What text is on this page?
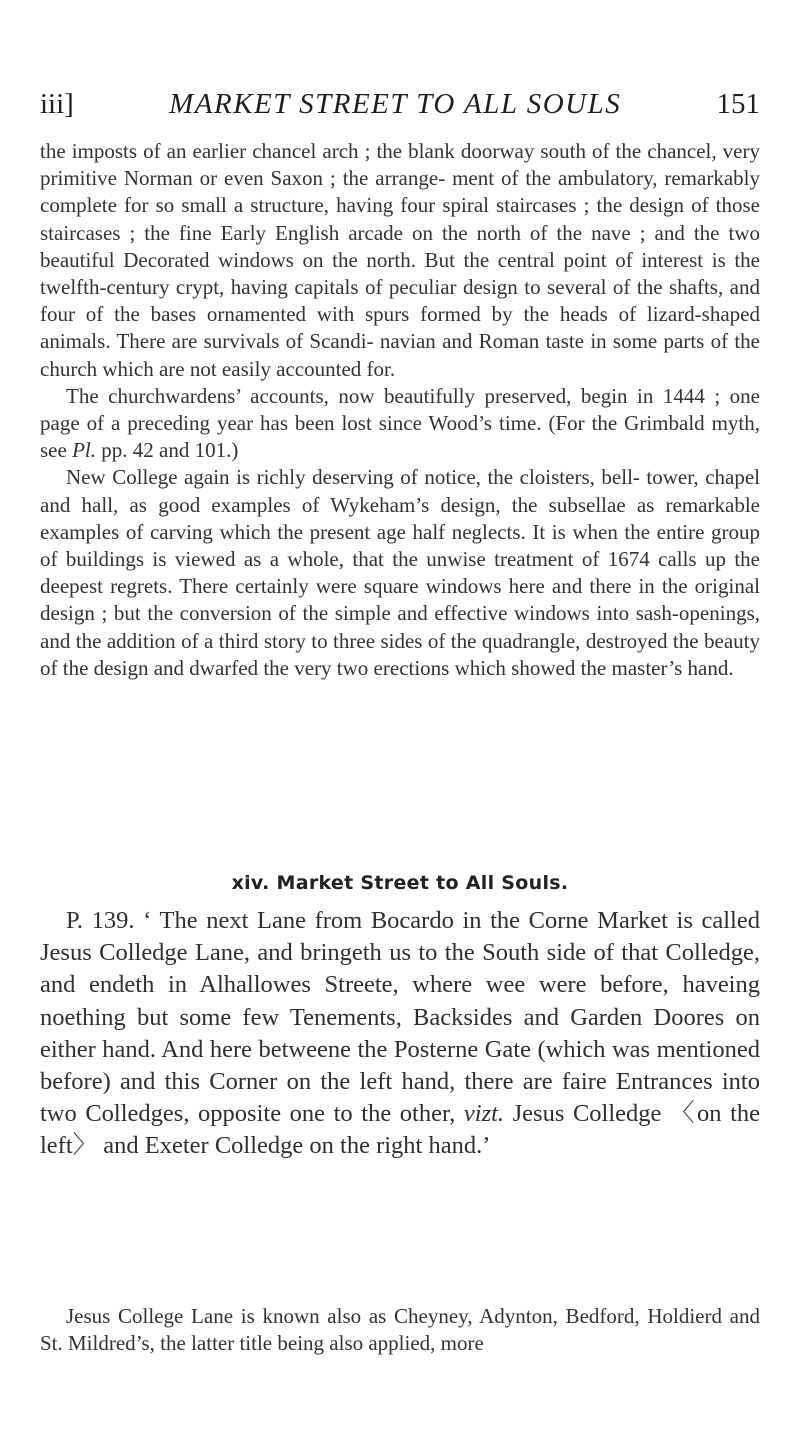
iii]	MARKET STREET TO ALL SOULS	151

the imposts of an earlier chancel arch ; the blank doorway south of the chancel, very primitive Norman or even Saxon ; the arrange- ment of the ambulatory, remarkably complete for so small a structure, having four spiral staircases ; the design of those staircases ; the fine Early English arcade on the north of the nave ; and the two beautiful Decorated windows on the north. But the central point of interest is the twelfth-century crypt, having capitals of peculiar design to several of the shafts, and four of the bases ornamented with spurs formed by the heads of lizard-shaped animals. There are survivals of Scandi- navian and Roman taste in some parts of the church which are not easily accounted for.

The churchwardens’ accounts, now beautifully preserved, begin in 1444 ; one page of a preceding year has been lost since Wood’s time. (For the Grimbald myth, see Pl. pp. 42 and 101.)

New College again is richly deserving of notice, the cloisters, bell- tower, chapel and hall, as good examples of Wykeham’s design, the subsellae as remarkable examples of carving which the present age half neglects. It is when the entire group of buildings is viewed as a whole, that the unwise treatment of 1674 calls up the deepest regrets. There certainly were square windows here and there in the original design ; but the conversion of the simple and effective windows into sash-openings, and the addition of a third story to three sides of the quadrangle, destroyed the beauty of the design and dwarfed the very two erections which showed the master’s hand.

xiv. Market Street to All Souls.

P. 139. ‘ The next Lane from Bocardo in the Corne Market is called Jesus Colledge Lane, and bringeth us to the South side of that Colledge, and endeth in Alhallowes Streete, where wee were before, haveing noething but some few Tenements, Backsides and Garden Doores on either hand. And here betweene the Posterne Gate (which was mentioned before) and this Corner on the left hand, there are faire Entrances into two Colledges, opposite one to the other, vizt. Jesus Colledge 〈on the left〉 and Exeter Colledge on the right hand.’

Jesus College Lane is known also as Cheyney, Adynton, Bedford, Holdierd and St. Mildred’s, the latter title being also applied, more
